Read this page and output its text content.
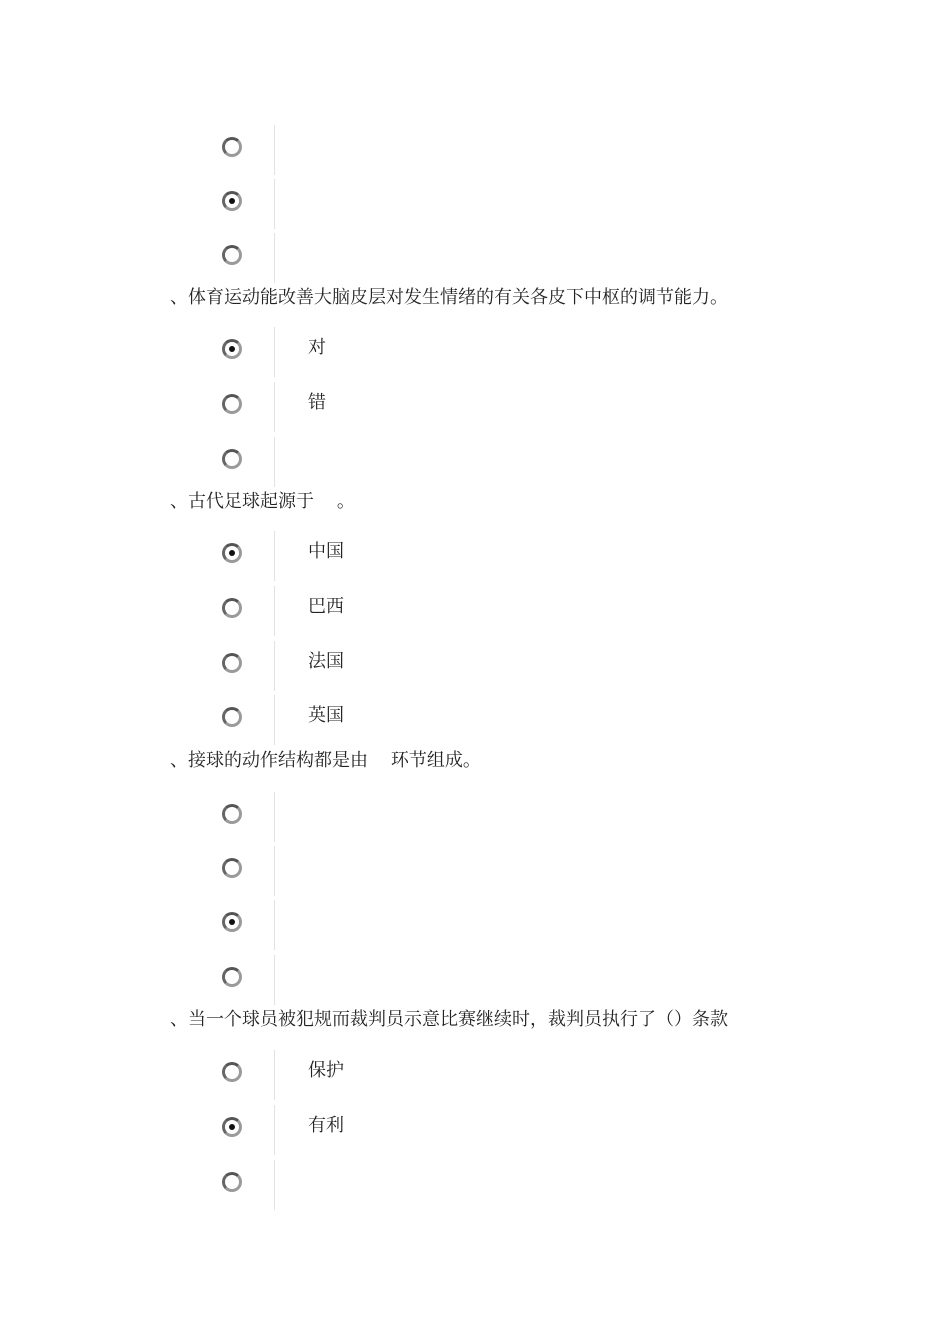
、体育运动能改善大脑皮层对发生情绪的有关各皮下中枢的调节能力。
对
错
、古代足球起源于    。
中国
巴西
法国
英国
、接球的动作结构都是由    环节组成。
、当一个球员被犯规而裁判员示意比赛继续时，裁判员执行了（）条款
保护
有利
